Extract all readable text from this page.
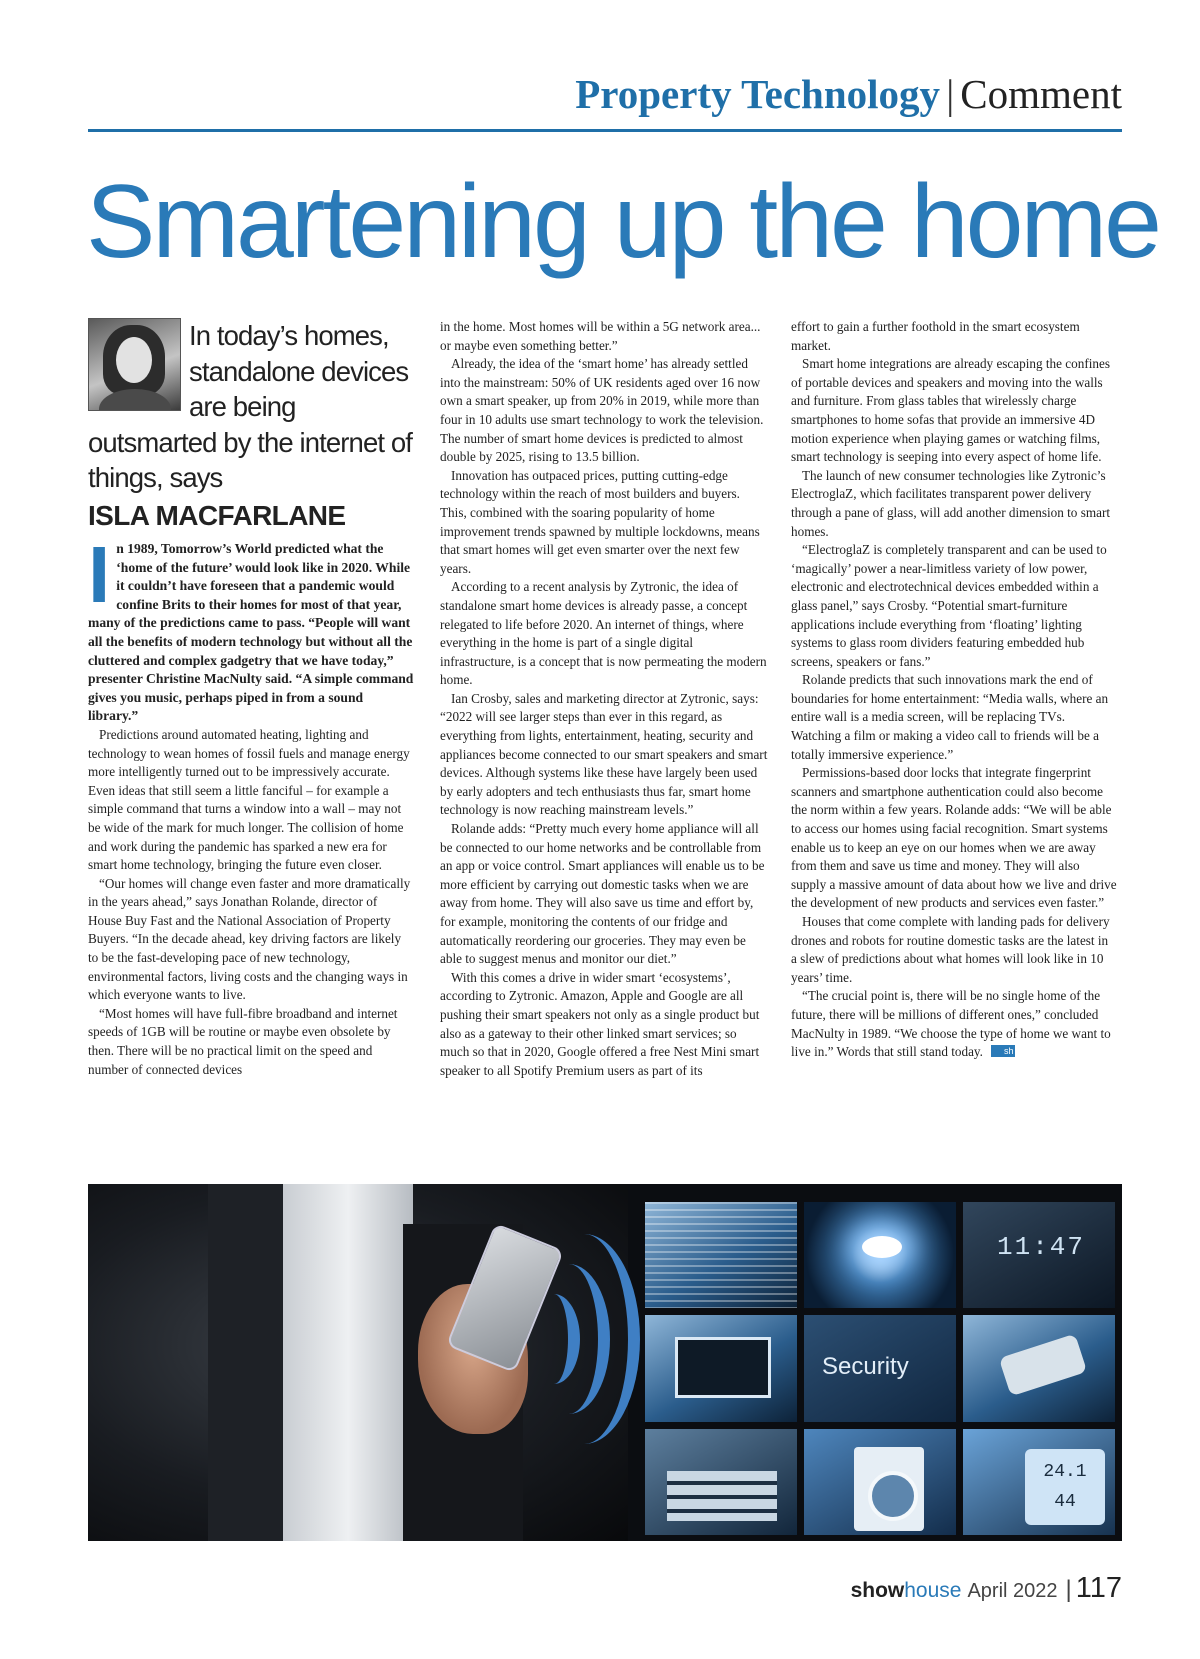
Property Technology | Comment
Smartening up the home
In today’s homes, standalone devices are being outsmarted by the internet of things, says
ISLA MACFARLANE

In 1989, Tomorrow’s World predicted what the ‘home of the future’ would look like in 2020. While it couldn’t have foreseen that a pandemic would confine Brits to their homes for most of that year, many of the predictions came to pass. “People will want all the benefits of modern technology but without all the cluttered and complex gadgetry that we have today,” presenter Christine MacNulty said. “A simple command gives you music, perhaps piped in from a sound library.”

Predictions around automated heating, lighting and technology to wean homes of fossil fuels and manage energy more intelligently turned out to be impressively accurate. Even ideas that still seem a little fanciful – for example a simple command that turns a window into a wall – may not be wide of the mark for much longer. The collision of home and work during the pandemic has sparked a new era for smart home technology, bringing the future even closer.

“Our homes will change even faster and more dramatically in the years ahead,” says Jonathan Rolande, director of House Buy Fast and the National Association of Property Buyers. “In the decade ahead, key driving factors are likely to be the fast-developing pace of new technology, environmental factors, living costs and the changing ways in which everyone wants to live.

“Most homes will have full-fibre broadband and internet speeds of 1GB will be routine or maybe even obsolete by then. There will be no practical limit on the speed and number of connected devices

in the home. Most homes will be within a 5G network area... or maybe even something better.”

Already, the idea of the ‘smart home’ has already settled into the mainstream: 50% of UK residents aged over 16 now own a smart speaker, up from 20% in 2019, while more than four in 10 adults use smart technology to work the television. The number of smart home devices is predicted to almost double by 2025, rising to 13.5 billion.

Innovation has outpaced prices, putting cutting-edge technology within the reach of most builders and buyers. This, combined with the soaring popularity of home improvement trends spawned by multiple lockdowns, means that smart homes will get even smarter over the next few years.

According to a recent analysis by Zytronic, the idea of standalone smart home devices is already passe, a concept relegated to life before 2020. An internet of things, where everything in the home is part of a single digital infrastructure, is a concept that is now permeating the modern home.

Ian Crosby, sales and marketing director at Zytronic, says: “2022 will see larger steps than ever in this regard, as everything from lights, entertainment, heating, security and appliances become connected to our smart speakers and smart devices. Although systems like these have largely been used by early adopters and tech enthusiasts thus far, smart home technology is now reaching mainstream levels.”

Rolande adds: “Pretty much every home appliance will all be connected to our home networks and be controllable from an app or voice control. Smart appliances will enable us to be more efficient by carrying out domestic tasks when we are away from home. They will also save us time and effort by, for example, monitoring the contents of our fridge and automatically reordering our groceries. They may even be able to suggest menus and monitor our diet.”

With this comes a drive in wider smart ‘ecosystems’, according to Zytronic. Amazon, Apple and Google are all pushing their smart speakers not only as a single product but also as a gateway to their other linked smart services; so much so that in 2020, Google offered a free Nest Mini smart speaker to all Spotify Premium users as part of its

effort to gain a further foothold in the smart ecosystem market.

Smart home integrations are already escaping the confines of portable devices and speakers and moving into the walls and furniture. From glass tables that wirelessly charge smartphones to home sofas that provide an immersive 4D motion experience when playing games or watching films, smart technology is seeping into every aspect of home life.

The launch of new consumer technologies like Zytronic’s ElectroglaZ, which facilitates transparent power delivery through a pane of glass, will add another dimension to smart homes.

“ElectroglaZ is completely transparent and can be used to ‘magically’ power a near-limitless variety of low power, electronic and electrotechnical devices embedded within a glass panel,” says Crosby. “Potential smart-furniture applications include everything from ‘floating’ lighting systems to glass room dividers featuring embedded hub screens, speakers or fans.”

Rolande predicts that such innovations mark the end of boundaries for home entertainment: “Media walls, where an entire wall is a media screen, will be replacing TVs. Watching a film or making a video call to friends will be a totally immersive experience.”

Permissions-based door locks that integrate fingerprint scanners and smartphone authentication could also become the norm within a few years. Rolande adds: “We will be able to access our homes using facial recognition. Smart systems enable us to keep an eye on our homes when we are away from them and save us time and money. They will also supply a massive amount of data about how we live and drive the development of new products and services even faster.”

Houses that come complete with landing pads for delivery drones and robots for routine domestic tasks are the latest in a slew of predictions about what homes will look like in 10 years’ time.

“The crucial point is, there will be no single home of the future, there will be millions of different ones,” concluded MacNulty in 1989. “We choose the type of home we want to live in.” Words that still stand today. sh

11:47
Security
24.1
44
showhouse April 2022 | 117
